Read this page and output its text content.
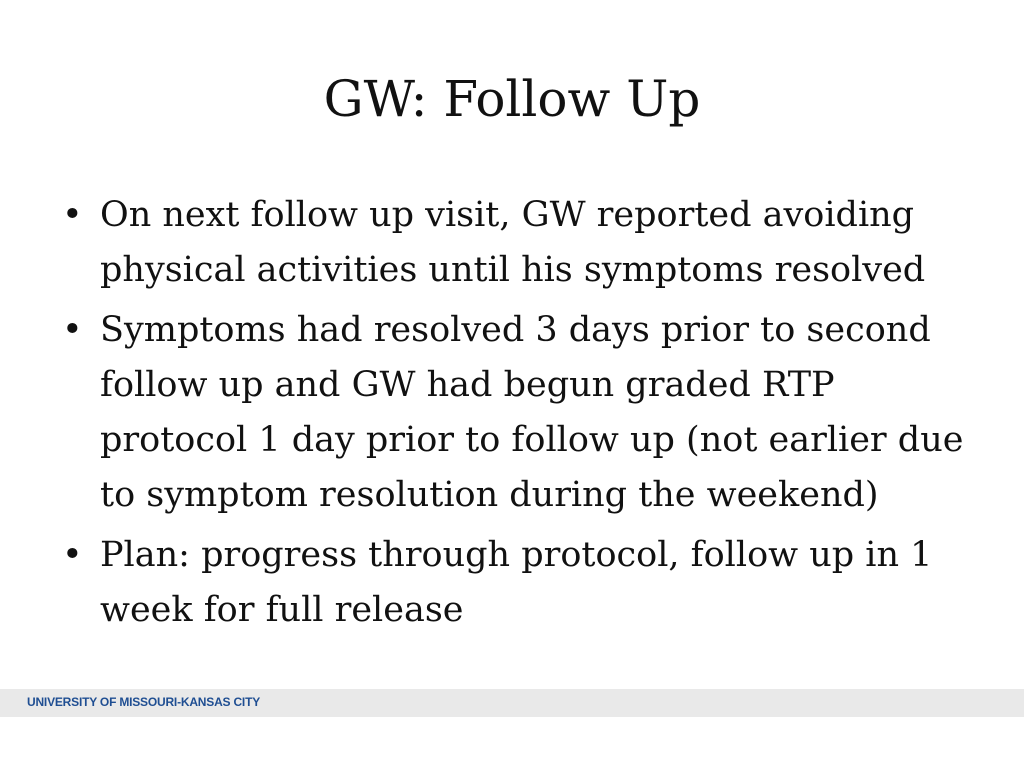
GW: Follow Up
• On next follow up visit, GW reported avoiding physical activities until his symptoms resolved
• Symptoms had resolved 3 days prior to second follow up and GW had begun graded RTP protocol 1 day prior to follow up (not earlier due to symptom resolution during the weekend)
• Plan: progress through protocol, follow up in 1 week for full release
UNIVERSITY OF MISSOURI-KANSAS CITY
